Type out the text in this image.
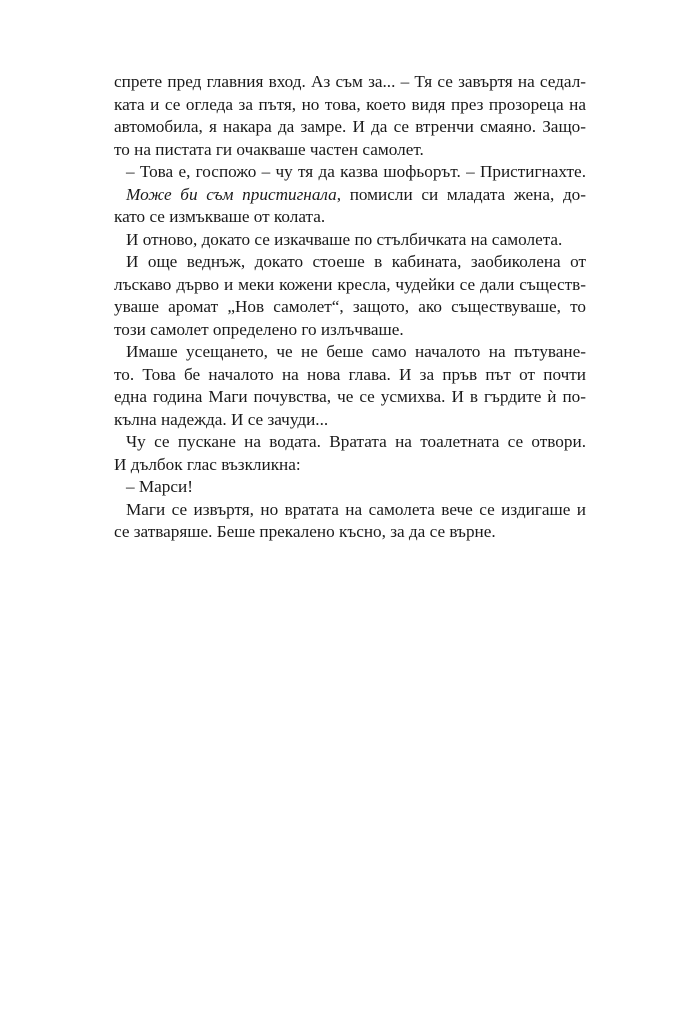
спрете пред главния вход. Аз съм за... – Тя се завъртя на седал-
ката и се огледа за пътя, но това, което видя през прозореца на
автомобила, я накара да замре. И да се втренчи смаяно. Защо-
то на пистата ги очакваше частен самолет.
– Това е, госпожо – чу тя да казва шофьорът. – Пристигнахте.
Може би съм пристигнала, помисли си младата жена, до-
като се измъкваше от колата.
И отново, докато се изкачваше по стълбичката на самолета.
И още веднъж, докато стоеше в кабината, заобиколена от
лъскаво дърво и меки кожени кресла, чудейки се дали съществ-
уваше аромат „Нов самолет“, защото, ако съществуваше, то
този самолет определено го излъчваше.
Имаше усещането, че не беше само началото на пътуване-
то. Това бе началото на нова глава. И за пръв път от почти
една година Маги почувства, че се усмихва. И в гърдите ѝ по-
кълна надежда. И се зачуди...
Чу се пускане на водата. Вратата на тоалетната се отвори.
И дълбок глас възкликна:
– Марси!
Маги се извъртя, но вратата на самолета вече се издигаше и
се затваряше. Беше прекалено късно, за да се върне.
